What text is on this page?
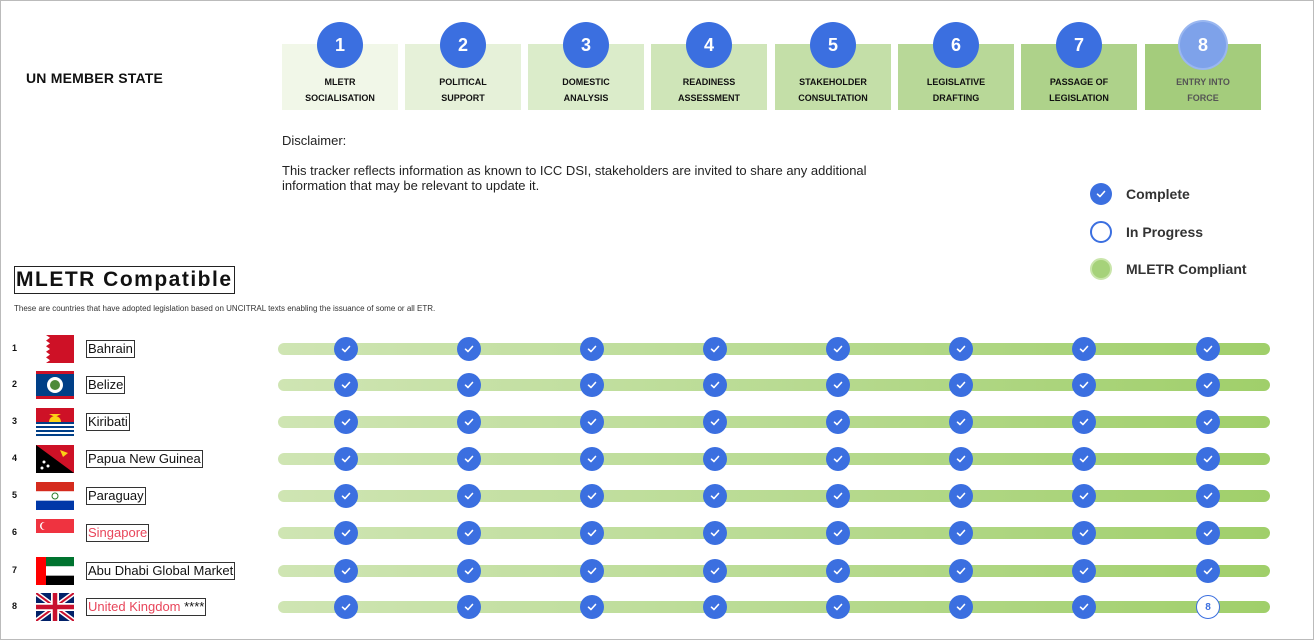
UN MEMBER STATE
1
MLETR
SOCIALISATION
2
POLITICAL
SUPPORT
3
DOMESTIC
ANALYSIS
4
READINESS
ASSESSMENT
5
STAKEHOLDER
CONSULTATION
6
LEGISLATIVE
DRAFTING
7
PASSAGE OF
LEGISLATION
8
ENTRY INTO
FORCE
Disclaimer:
This tracker reflects information as known to ICC DSI, stakeholders are invited to share any additional
information that may be relevant to update it.
Complete
In Progress
MLETR Compliant
MLETR Compatible
These are countries that have adopted legislation based on UNCITRAL texts enabling the issuance of some or all ETR.
1	Bahrain
2	Belize
3	Kiribati
4	Papua New Guinea
5	Paraguay
6	Singapore
7	Abu Dhabi Global Market
8	United Kingdom ****	8
